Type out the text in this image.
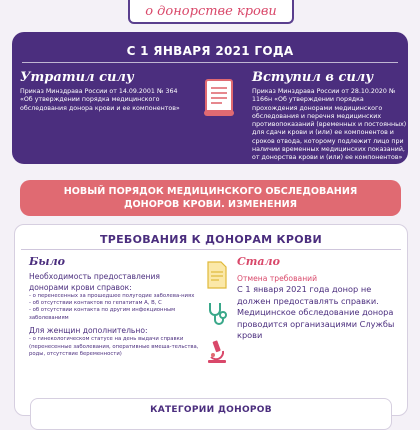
о донорстве крови
С 1 ЯНВАРЯ 2021 ГОДА
Утратил силу
Приказ Минздрава России от 14.09.2001 № 364 «Об утверждении порядка медицинского обследования донора крови и ее компонентов»
Вступил в силу
Приказ Минздрава России от 28.10.2020 № 1166н «Об утверждении порядка прохождения донорами медицинского обследования и перечня медицинских противопоказаний (временных и постоянных) для сдачи крови и (или) ее компонентов и сроков отвода, которому подлежит лицо при наличии временных медицинских показаний, от донорства крови и (или) ее компонентов»
НОВЫЙ ПОРЯДОК МЕДИЦИНСКОГО ОБСЛЕДОВАНИЯ
ДОНОРОВ КРОВИ. ИЗМЕНЕНИЯ
ТРЕБОВАНИЯ К ДОНОРАМ КРОВИ
Было
Необходимость предоставления донорами крови справок:
- о перенесенных за прошедшее полугодие заболева-ниях
- об отсутствии контактов по гепатитам А, В, С
- об отсутствии контакта по другим инфекционным заболеваниям
Для женщин дополнительно:
- о гинекологическом статусе на день выдачи справки (перенесенные заболевания, оперативные вмеша-тельства, роды, отсутствие беременности)
Стало
Отмена требований
С 1 января 2021 года донор не должен предоставлять справки. Медицинское обследование донора проводится организациями Службы крови
КАТЕГОРИИ ДОНОРОВ
